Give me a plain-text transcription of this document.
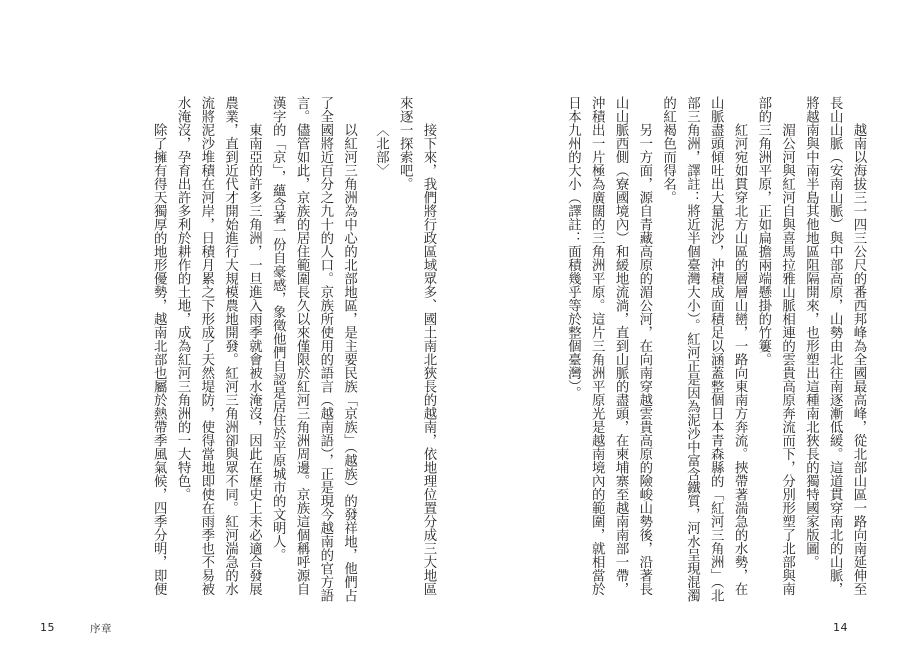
接下來，我們將行政區域眾多、國土南北狹長的越南，依地理位置分成三大地區來逐一探索吧。

〈北部〉

以紅河三角洲為中心的北部地區，是主要民族「京族」（越族）的發祥地，他們占了全國將近百分之九十的人口。京族所使用的語言（越南語），正是現今越南的官方語言。儘管如此，京族的居住範圍長久以來僅限於紅河三角洲周邊。京族這個稱呼源自漢字的「京」，蘊含著一份自豪感，象徵他們自認是居住於平原城市的文明人。

東南亞的許多三角洲，一旦進入雨季就會被水淹沒，因此在歷史上未必適合發展農業，直到近代才開始進行大規模農地開發。紅河三角洲卻與眾不同。紅河湍急的水流將泥沙堆積在河岸，日積月累之下形成了天然堤防，使得當地即使在雨季也不易被水淹沒，孕育出許多利於耕作的土地，成為紅河三角洲的一大特色。

除了擁有得天獨厚的地形優勢，越南北部也屬於熱帶季風氣候，四季分明，即便

15	序章

越南以海拔三一四三公尺的番西邦峰為全國最高峰，從北部山區一路向南延伸至長山山脈（安南山脈）與中部高原，山勢由北往南逐漸低緩。這道貫穿南北的山脈，將越南與中南半島其他地區阻隔開來，也形塑出這種南北狹長的獨特國家版圖。

湄公河與紅河自與喜馬拉雅山脈相連的雲貴高原奔流而下，分別形塑了北部與南部的三角洲平原，正如扁擔兩端懸掛的竹簍。

紅河宛如貫穿北方山區的層層山巒，一路向東南方奔流。挾帶著湍急的水勢，在山脈盡頭傾吐出大量泥沙，沖積成面積足以涵蓋整個日本青森縣的「紅河三角洲」（北部三角洲，譯註：將近半個臺灣大小）。紅河正是因為泥沙中富含鐵質，河水呈現混濁的紅褐色而得名。

另一方面，源自青藏高原的湄公河，在向南穿越雲貴高原的險峻山勢後，沿著長山山脈西側（寮國境內）和緩地流淌，直到山脈的盡頭，在柬埔寨至越南南部一帶，沖積出一片極為廣闊的三角洲平原。這片三角洲平原光是越南境內的範圍，就相當於日本九州的大小（譯註：面積幾乎等於整個臺灣）。

14
